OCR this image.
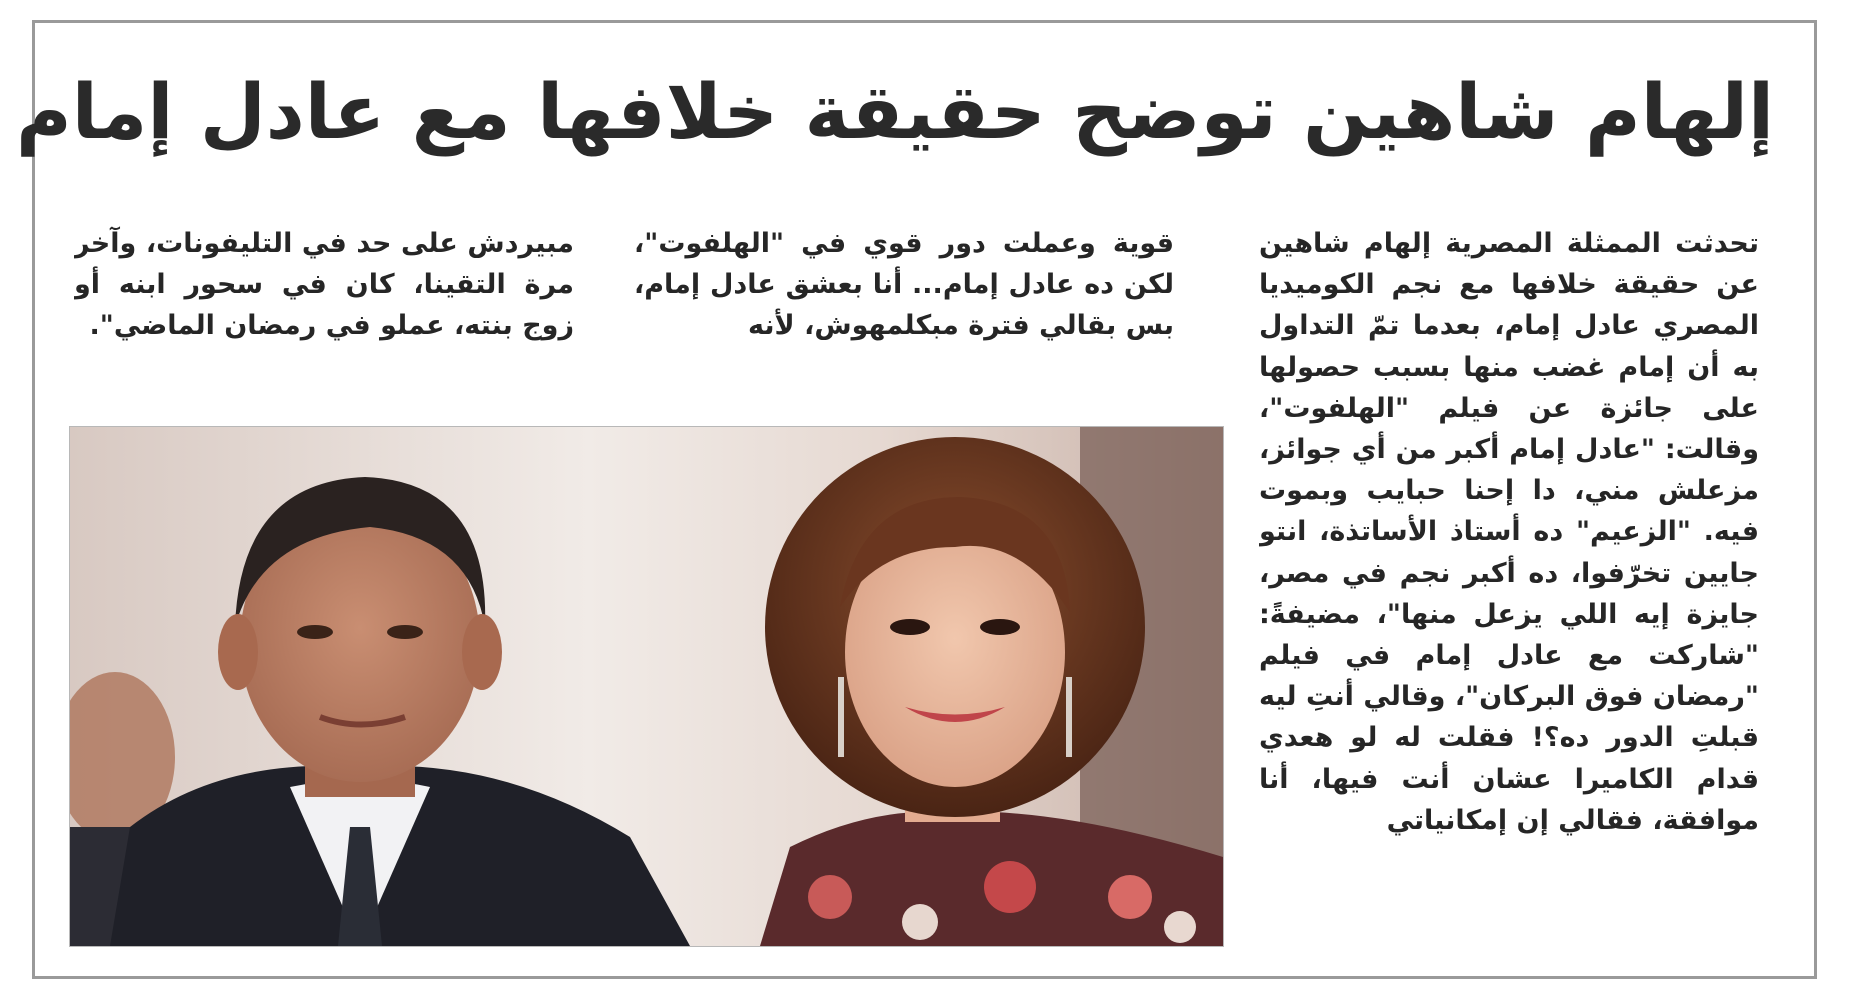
إلهام شاهين توضح حقيقة خلافها مع عادل إمام

تحدثت الممثلة المصرية إلهام شاهين عن حقيقة خلافها مع نجم الكوميديا المصري عادل إمام، بعدما تمّ التداول به أن إمام غضب منها بسبب حصولها على جائزة عن فيلم "الهلفوت"، وقالت: "عادل إمام أكبر من أي جوائز، مزعلش مني، دا إحنا حبايب وبموت فيه. "الزعيم" ده أستاذ الأساتذة، انتو جايين تخرّفوا، ده أكبر نجم في مصر، جايزة إيه اللي يزعل منها"، مضيفةً: "شاركت مع عادل إمام في فيلم "رمضان فوق البركان"، وقالي أنتِ ليه قبلتِ الدور ده؟! فقلت له لو هعدي قدام الكاميرا عشان أنت فيها، أنا موافقة، فقالي إن إمكانياتي

قوية وعملت دور قوي في "الهلفوت"، لكن ده عادل إمام... أنا بعشق عادل إمام، بس بقالي فترة مبكلمهوش، لأنه

مبيردش على حد في التليفونات، وآخر مرة التقينا، كان في سحور ابنه أو زوج بنته، عملو في رمضان الماضي".
